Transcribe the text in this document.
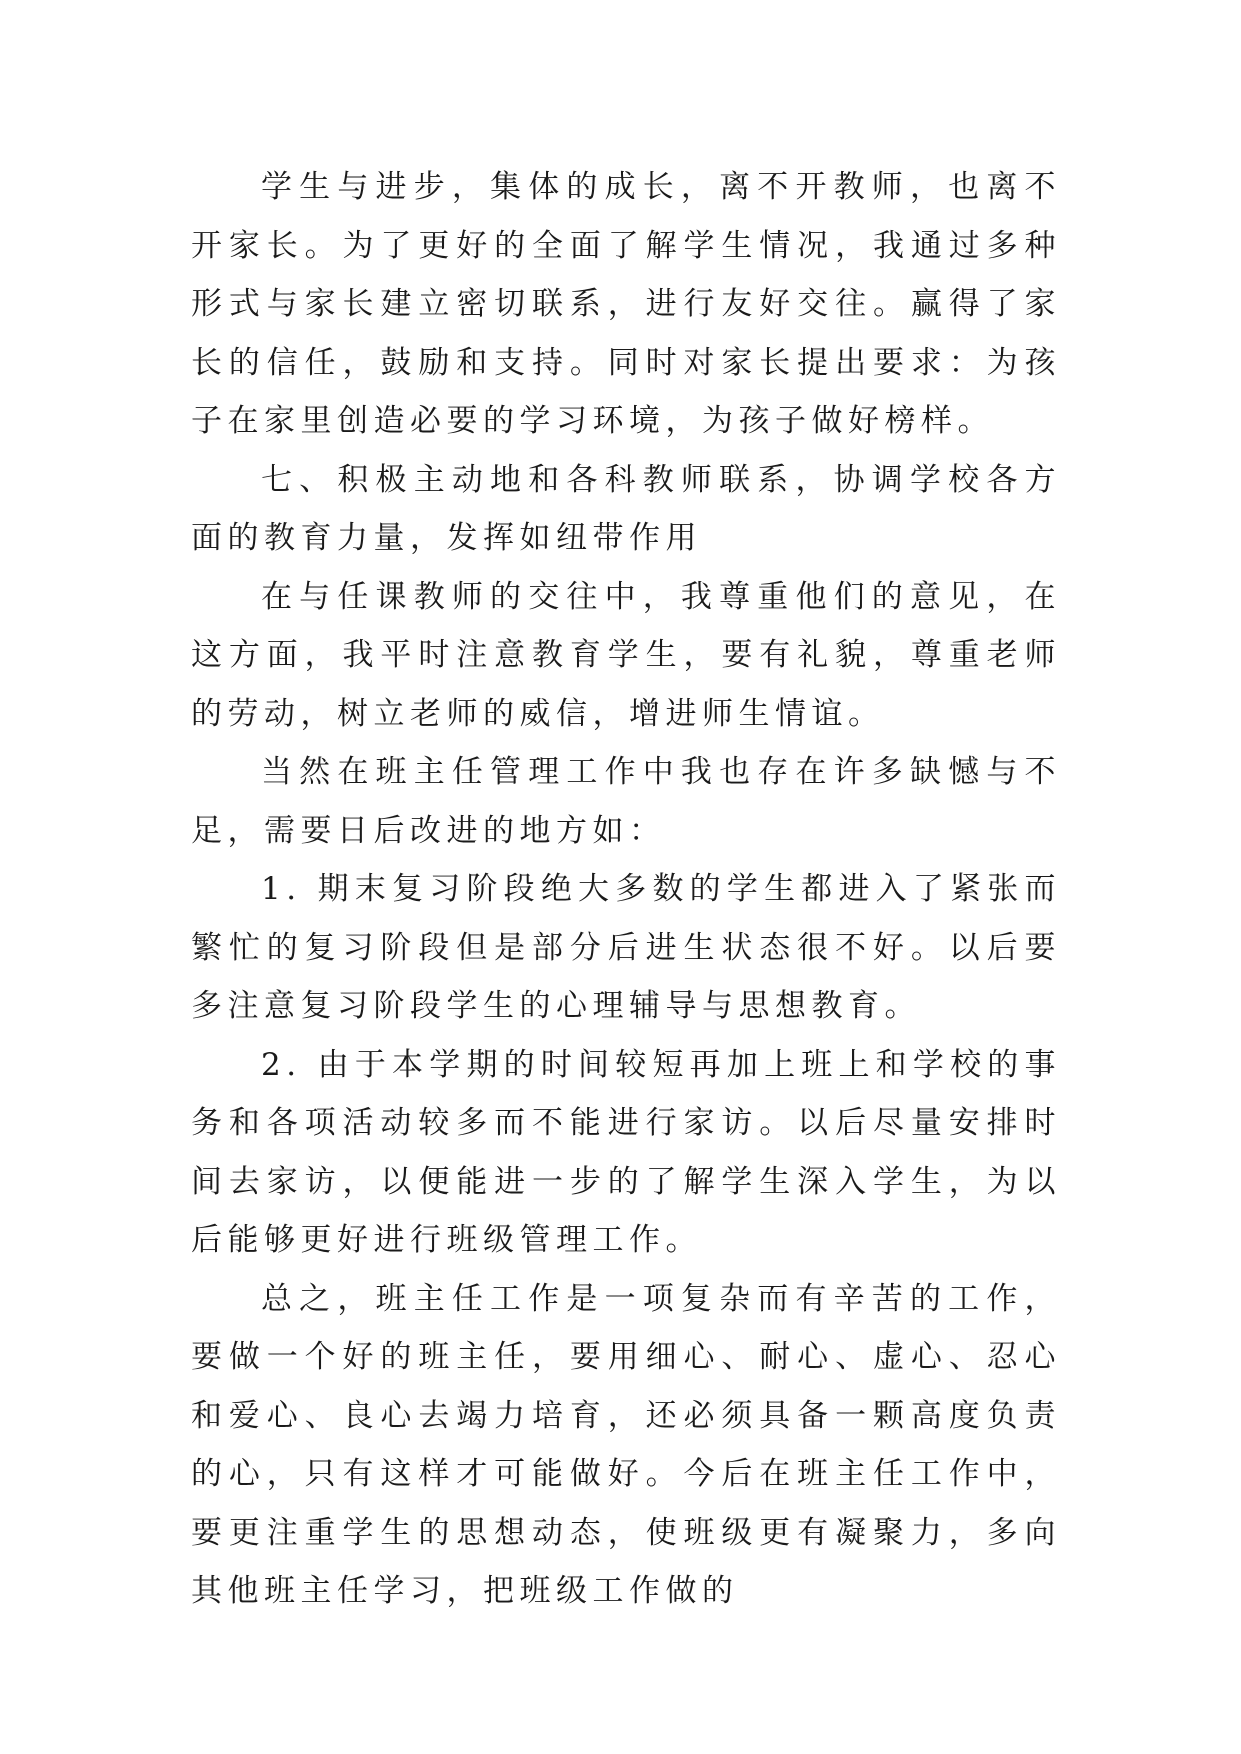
学生与进步，集体的成长，离不开教师，也离不开家长。为了更好的全面了解学生情况，我通过多种形式与家长建立密切联系，进行友好交往。赢得了家长的信任，鼓励和支持。同时对家长提出要求：为孩子在家里创造必要的学习环境，为孩子做好榜样。

七、积极主动地和各科教师联系，协调学校各方面的教育力量，发挥如纽带作用

在与任课教师的交往中，我尊重他们的意见，在这方面，我平时注意教育学生，要有礼貌，尊重老师的劳动，树立老师的威信，增进师生情谊。

当然在班主任管理工作中我也存在许多缺憾与不足，需要日后改进的地方如：

1. 期末复习阶段绝大多数的学生都进入了紧张而繁忙的复习阶段但是部分后进生状态很不好。以后要多注意复习阶段学生的心理辅导与思想教育。

2. 由于本学期的时间较短再加上班上和学校的事务和各项活动较多而不能进行家访。以后尽量安排时间去家访，以便能进一步的了解学生深入学生，为以后能够更好进行班级管理工作。

总之，班主任工作是一项复杂而有辛苦的工作，要做一个好的班主任，要用细心、耐心、虚心、忍心和爱心、良心去竭力培育，还必须具备一颗高度负责的心，只有这样才可能做好。今后在班主任工作中，要更注重学生的思想动态，使班级更有凝聚力，多向其他班主任学习，把班级工作做的
